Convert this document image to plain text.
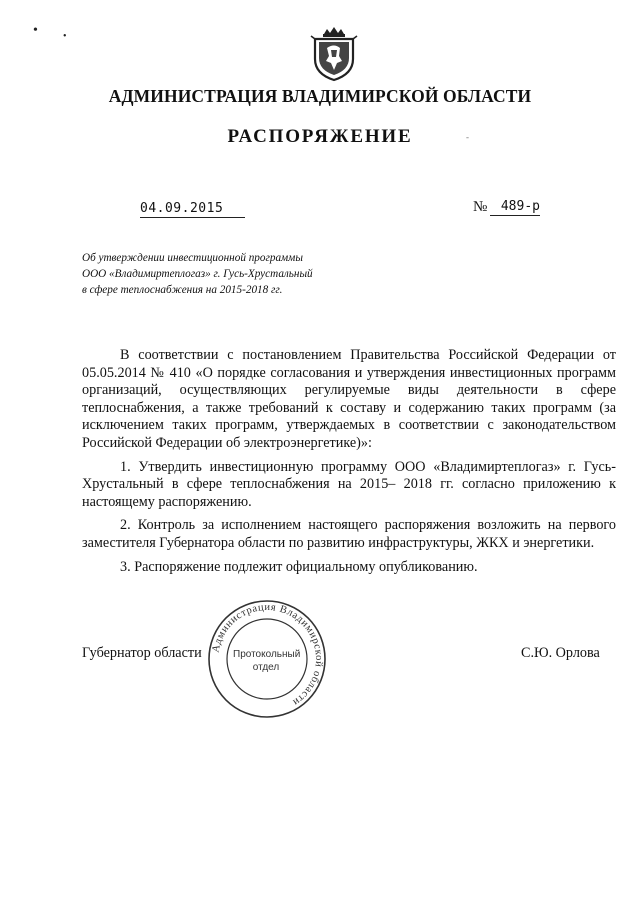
АДМИНИСТРАЦИЯ ВЛАДИМИРСКОЙ ОБЛАСТИ
РАСПОРЯЖЕНИЕ
04.09.2015	№	489-р
Об утверждении инвестиционной программы
ООО «Владимиртеплогаз» г. Гусь-Хрустальный
в сфере теплоснабжения на 2015-2018 гг.

В соответствии с постановлением Правительства Российской Федерации от 05.05.2014 № 410 «О порядке согласования и утверждения инвестиционных программ организаций, осуществляющих регулируемые виды деятельности в сфере теплоснабжения, а также требований к составу и содержанию таких программ (за исключением таких программ, утверждаемых в соответствии с законодательством Российской Федерации об электроэнергетике)»:

1. Утвердить инвестиционную программу ООО «Владимиртеплогаз» г. Гусь-Хрустальный в сфере теплоснабжения на 2015– 2018 гг. согласно приложению к настоящему распоряжению.

2. Контроль за исполнением настоящего распоряжения возложить на первого заместителя Губернатора области по развитию инфраструктуры, ЖКХ и энергетики.

3. Распоряжение подлежит официальному опубликованию.

Губернатор области	С.Ю. Орлова
Администрация Владимирской области
Протокольный
отдел
•	•
-
